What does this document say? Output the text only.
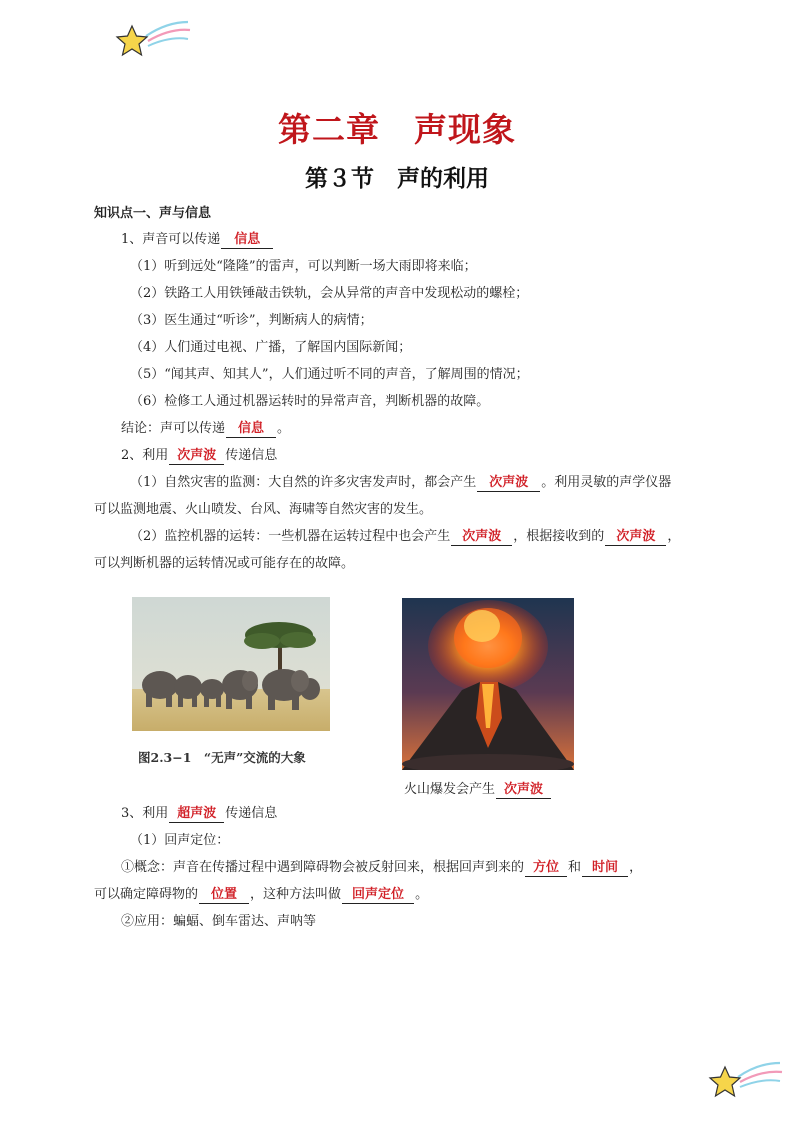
第二章　声现象
第３节　声的利用
知识点一、声与信息
1、声音可以传递 信息
（1）听到远处“隆隆”的雷声，可以判断一场大雨即将来临；
（2）铁路工人用铁锤敲击铁轨，会从异常的声音中发现松动的螺栓；
（3）医生通过“听诊”，判断病人的病情；
（4）人们通过电视、广播，了解国内国际新闻；
（5）“闻其声、知其人”，人们通过听不同的声音，了解周围的情况；
（6）检修工人通过机器运转时的异常声音，判断机器的故障。
结论：声可以传递 信息 。
2、利用 次声波 传递信息
（1）自然灾害的监测：大自然的许多灾害发声时，都会产生 次声波 。利用灵敏的声学仪器
可以监测地震、火山喷发、台风、海啸等自然灾害的发生。
（2）监控机器的运转：一些机器在运转过程中也会产生 次声波 ，根据接收到的 次声波 ，
可以判断机器的运转情况或可能存在的故障。
图2.3−1　“无声”交流的大象
火山爆发会产生 次声波
3、利用 超声波 传递信息
（1）回声定位：
①概念：声音在传播过程中遇到障碍物会被反射回来，根据回声到来的 方位 和 时间 ，
可以确定障碍物的 位置 ，这种方法叫做 回声定位 。
②应用：蝙蝠、倒车雷达、声呐等
